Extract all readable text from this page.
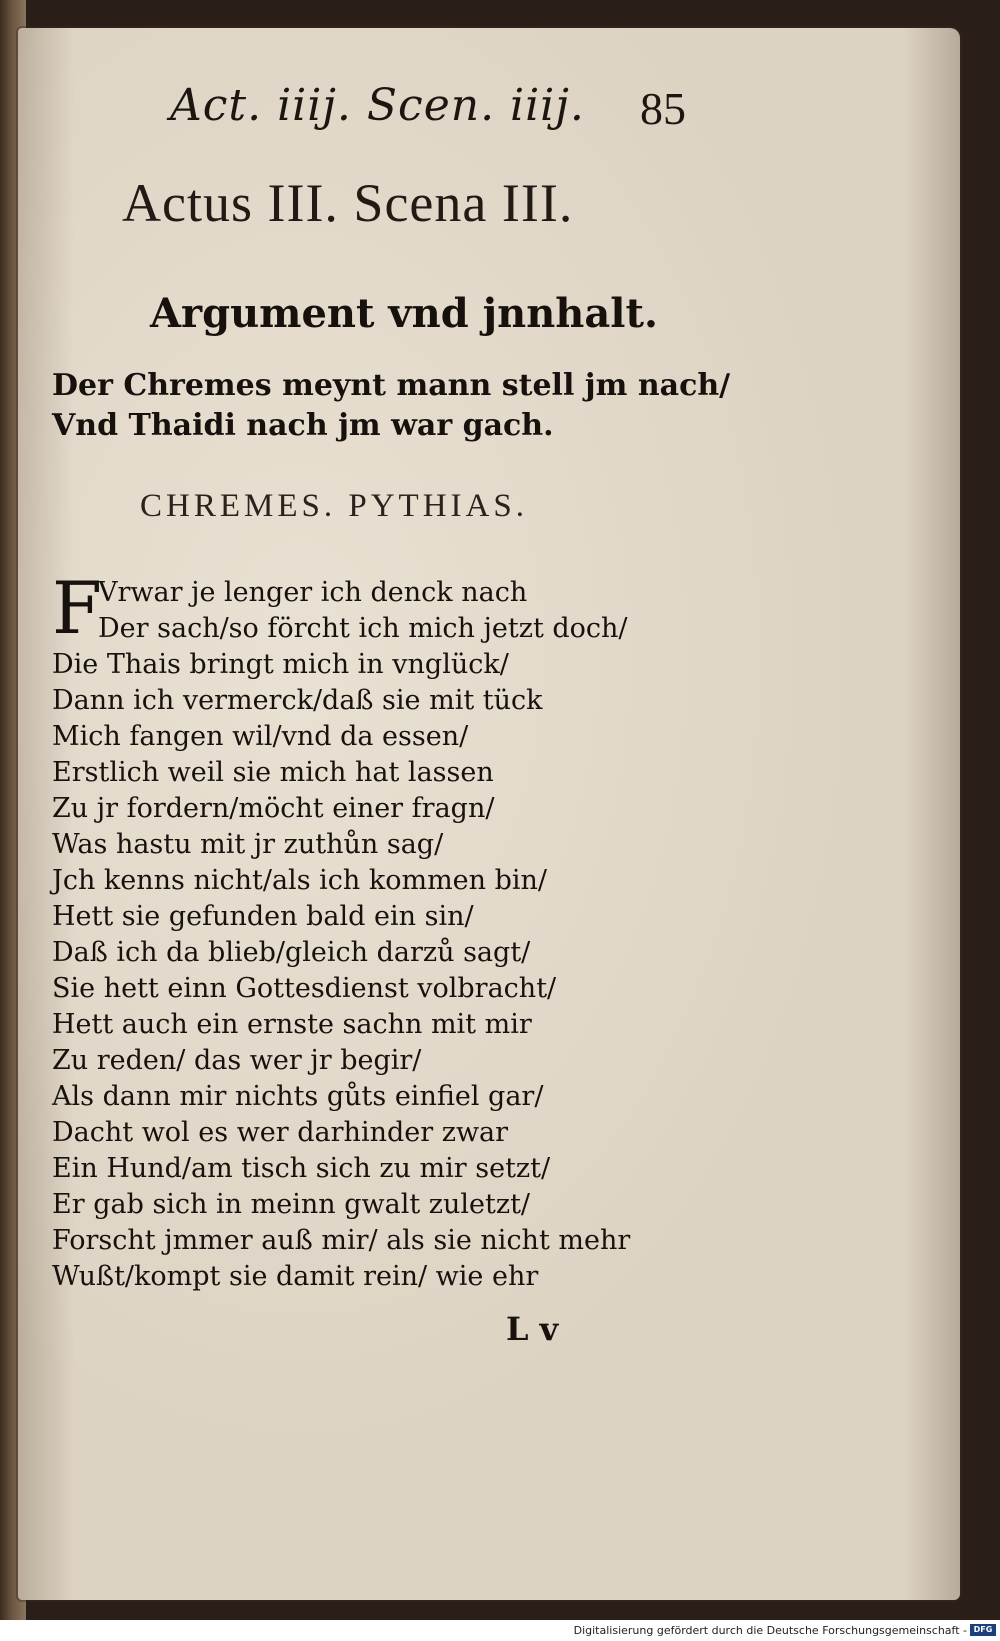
Act. iiij. Scen. iiij. 85
Actus III. Scena III.
Argument vnd jnnhalt.
Der Chremes meynt mann stell jm nach/
Vnd Thaidi nach jm war gach.
CHREMES. PYTHIAS.
F
Vrwar je lenger ich denck nach
Der sach/so förcht ich mich jetzt doch/
Die Thais bringt mich in vnglück/
Dann ich vermerck/daß sie mit tück
Mich fangen wil/vnd da essen/
Erstlich weil sie mich hat lassen
Zu jr fordern/möcht einer fragn/
Was hastu mit jr zuthůn sag/
Jch kenns nicht/als ich kommen bin/
Hett sie gefunden bald ein sin/
Daß ich da blieb/gleich darzů sagt/
Sie hett einn Gottesdienst volbracht/
Hett auch ein ernste sachn mit mir
Zu reden/ das wer jr begir/
Als dann mir nichts gůts einfiel gar/
Dacht wol es wer darhinder zwar
Ein Hund/am tisch sich zu mir setzt/
Er gab sich in meinn gwalt zuletzt/
Forscht jmmer auß mir/ als sie nicht mehr
Wußt/kompt sie damit rein/ wie ehr
L v
Digitalisierung gefördert durch die Deutsche Forschungsgemeinschaft - DFG
